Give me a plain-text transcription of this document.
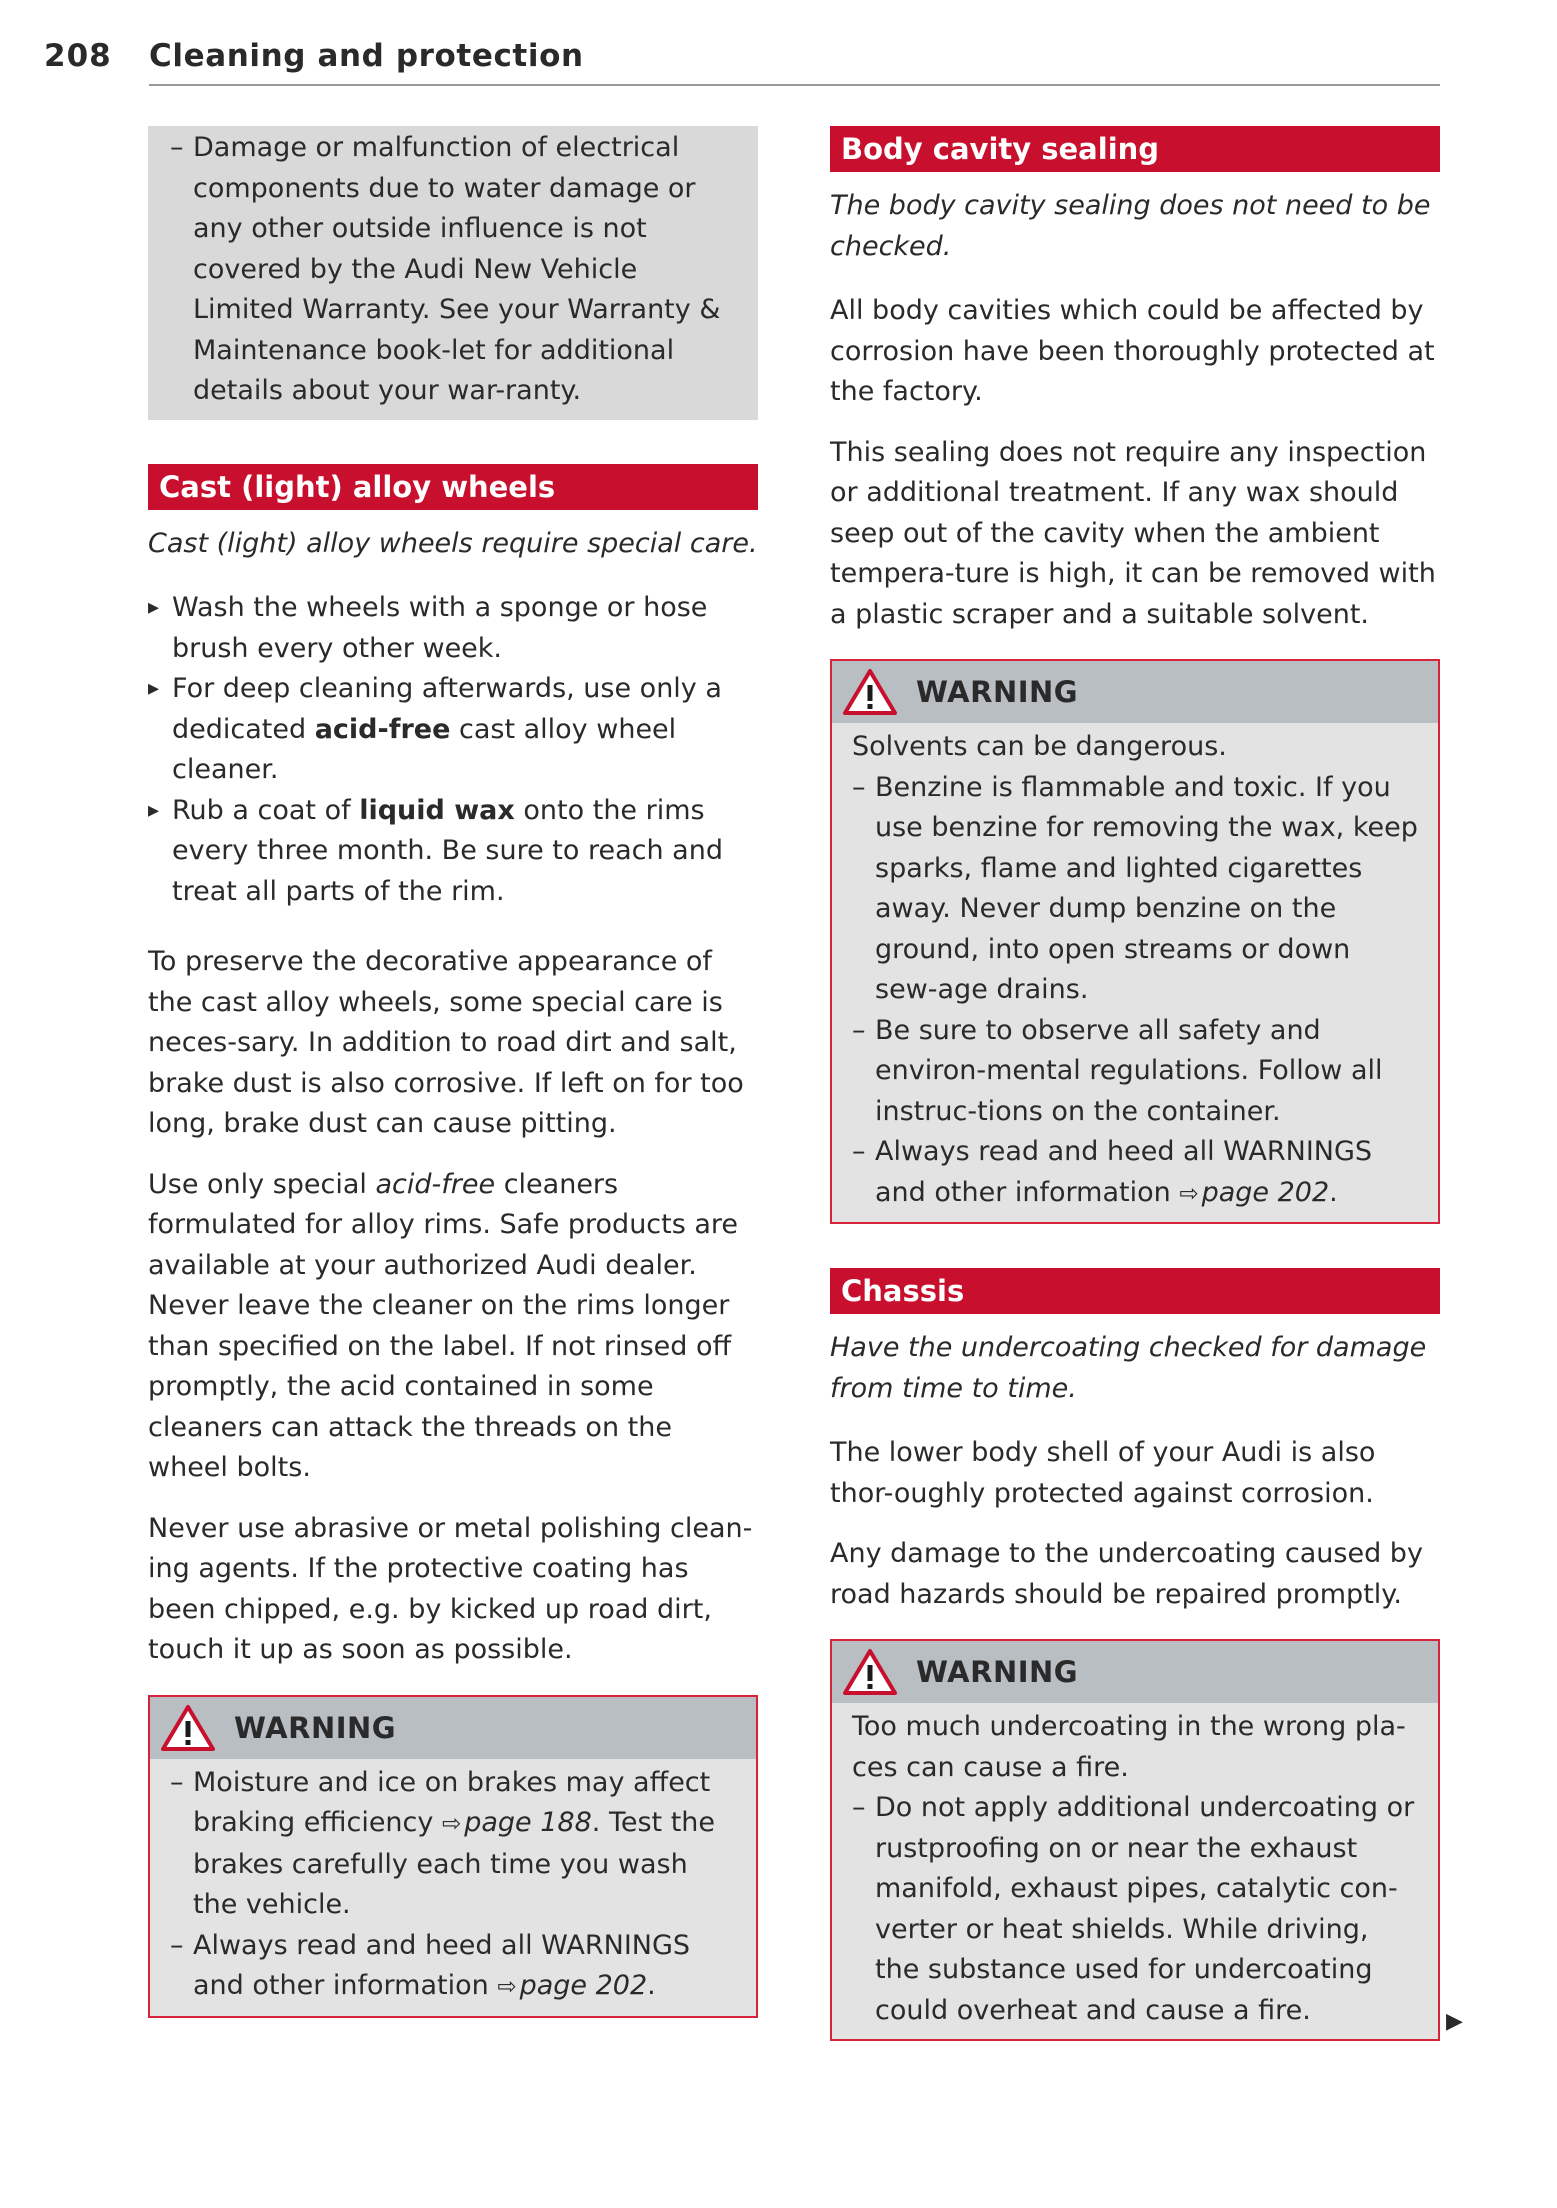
208 Cleaning and protection
– Damage or malfunction of electrical components due to water damage or any other outside influence is not covered by the Audi New Vehicle Limited Warranty. See your Warranty & Maintenance book-let for additional details about your war-ranty.
Cast (light) alloy wheels

Cast (light) alloy wheels require special care.

▸ Wash the wheels with a sponge or hose brush every other week.
▸ For deep cleaning afterwards, use only a dedicated acid-free cast alloy wheel cleaner.
▸ Rub a coat of liquid wax onto the rims every three month. Be sure to reach and treat all parts of the rim.

To preserve the decorative appearance of the cast alloy wheels, some special care is neces-sary. In addition to road dirt and salt, brake dust is also corrosive. If left on for too long, brake dust can cause pitting.

Use only special acid-free cleaners formulated for alloy rims. Safe products are available at your authorized Audi dealer. Never leave the cleaner on the rims longer than specified on the label. If not rinsed off promptly, the acid contained in some cleaners can attack the threads on the wheel bolts.

Never use abrasive or metal polishing clean-ing agents. If the protective coating has been chipped, e.g. by kicked up road dirt, touch it up as soon as possible.

WARNING
– Moisture and ice on brakes may affect braking efficiency ⇨ page 188. Test the brakes carefully each time you wash the vehicle.
– Always read and heed all WARNINGS and other information ⇨ page 202.
Body cavity sealing

The body cavity sealing does not need to be checked.

All body cavities which could be affected by corrosion have been thoroughly protected at the factory.

This sealing does not require any inspection or additional treatment. If any wax should seep out of the cavity when the ambient tempera-ture is high, it can be removed with a plastic scraper and a suitable solvent.

WARNING

Solvents can be dangerous.

– Benzine is flammable and toxic. If you use benzine for removing the wax, keep sparks, flame and lighted cigarettes away. Never dump benzine on the ground, into open streams or down sew-age drains.
– Be sure to observe all safety and environ-mental regulations. Follow all instruc-tions on the container.
– Always read and heed all WARNINGS and other information ⇨ page 202.
Chassis

Have the undercoating checked for damage from time to time.

The lower body shell of your Audi is also thor-oughly protected against corrosion.

Any damage to the undercoating caused by road hazards should be repaired promptly.

WARNING

Too much undercoating in the wrong pla-ces can cause a fire.

– Do not apply additional undercoating or rustproofing on or near the exhaust manifold, exhaust pipes, catalytic con-verter or heat shields. While driving, the substance used for undercoating could overheat and cause a fire.	▶
